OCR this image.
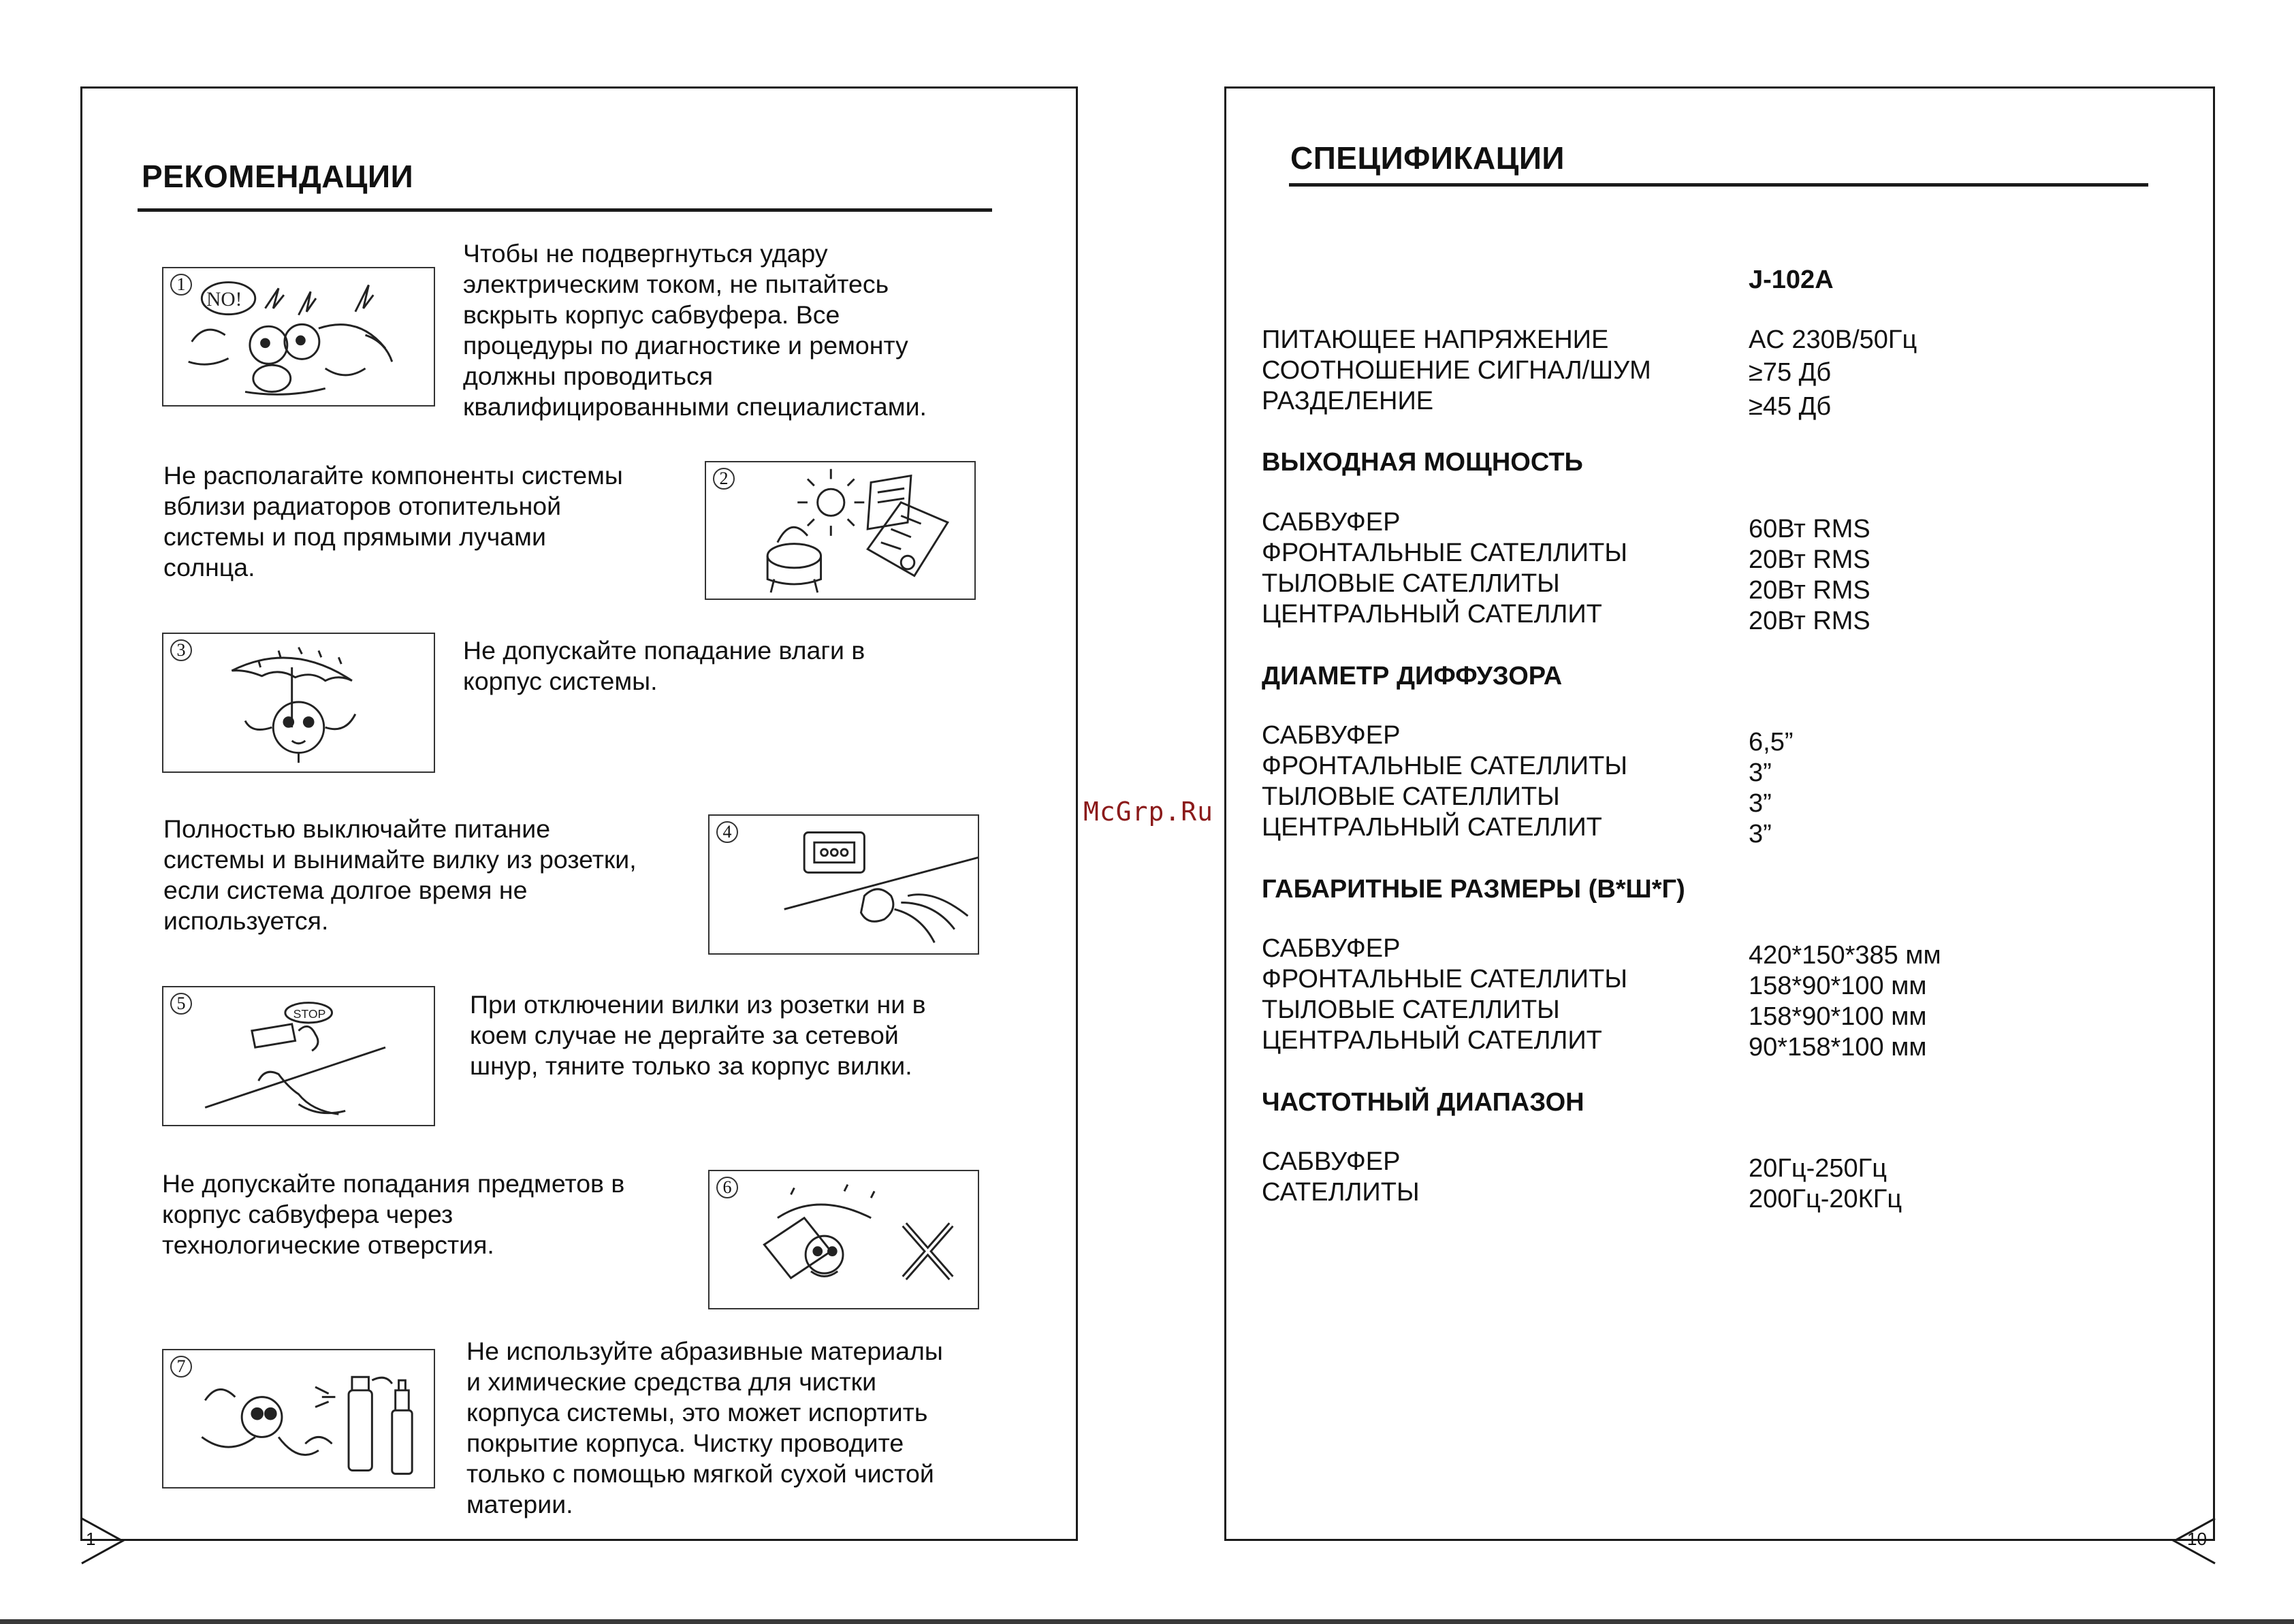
РЕКОМЕНДАЦИИ
1
NO!
Чтобы не подвергнуться удару
электрическим током, не пытайтесь
вскрыть корпус сабвуфера. Все
процедуры по диагностике и ремонту
должны проводиться
квалифицированными специалистами.
Не располагайте компоненты системы
вблизи радиаторов отопительной
системы и под прямыми лучами
солнца.
2
3	Не допускайте попадание влаги в
корпус системы.
Полностью выключайте питание
системы и вынимайте вилку из розетки,
если система долгое время не
используется.
4
5
STOP	При отключении вилки из розетки ни в
коем случае не дергайте за сетевой
шнур, тяните только за корпус вилки.
Не допускайте попадания предметов в
корпус сабвуфера через
технологические отверстия.
6
7
Не используйте абразивные материалы
и химические средства для чистки
корпуса системы, это может испортить
покрытие корпуса. Чистку проводите
только с помощью мягкой сухой чистой
материи.
1
McGrp.Ru
СПЕЦИФИКАЦИИ
J-102A
ПИТАЮЩЕЕ НАПРЯЖЕНИЕ	AC 230В/50Гц
СООТНОШЕНИЕ СИГНАЛ/ШУМ	≥75 Дб
РАЗДЕЛЕНИЕ	≥45 Дб
ВЫХОДНАЯ МОЩНОСТЬ
САБВУФЕР	60Вт RMS
ФРОНТАЛЬНЫЕ САТЕЛЛИТЫ	20Вт RMS
ТЫЛОВЫЕ САТЕЛЛИТЫ	20Вт RMS
ЦЕНТРАЛЬНЫЙ САТЕЛЛИТ	20Вт RMS
ДИАМЕТР ДИФФУЗОРА
САБВУФЕР	6,5”
ФРОНТАЛЬНЫЕ САТЕЛЛИТЫ	3”
ТЫЛОВЫЕ САТЕЛЛИТЫ	3”
ЦЕНТРАЛЬНЫЙ САТЕЛЛИТ	3”
ГАБАРИТНЫЕ РАЗМЕРЫ (В*Ш*Г)
САБВУФЕР	420*150*385 мм
ФРОНТАЛЬНЫЕ САТЕЛЛИТЫ	158*90*100 мм
ТЫЛОВЫЕ САТЕЛЛИТЫ	158*90*100 мм
ЦЕНТРАЛЬНЫЙ САТЕЛЛИТ	90*158*100 мм
ЧАСТОТНЫЙ ДИАПАЗОН
САБВУФЕР	20Гц-250Гц
САТЕЛЛИТЫ	200Гц-20КГц
10
